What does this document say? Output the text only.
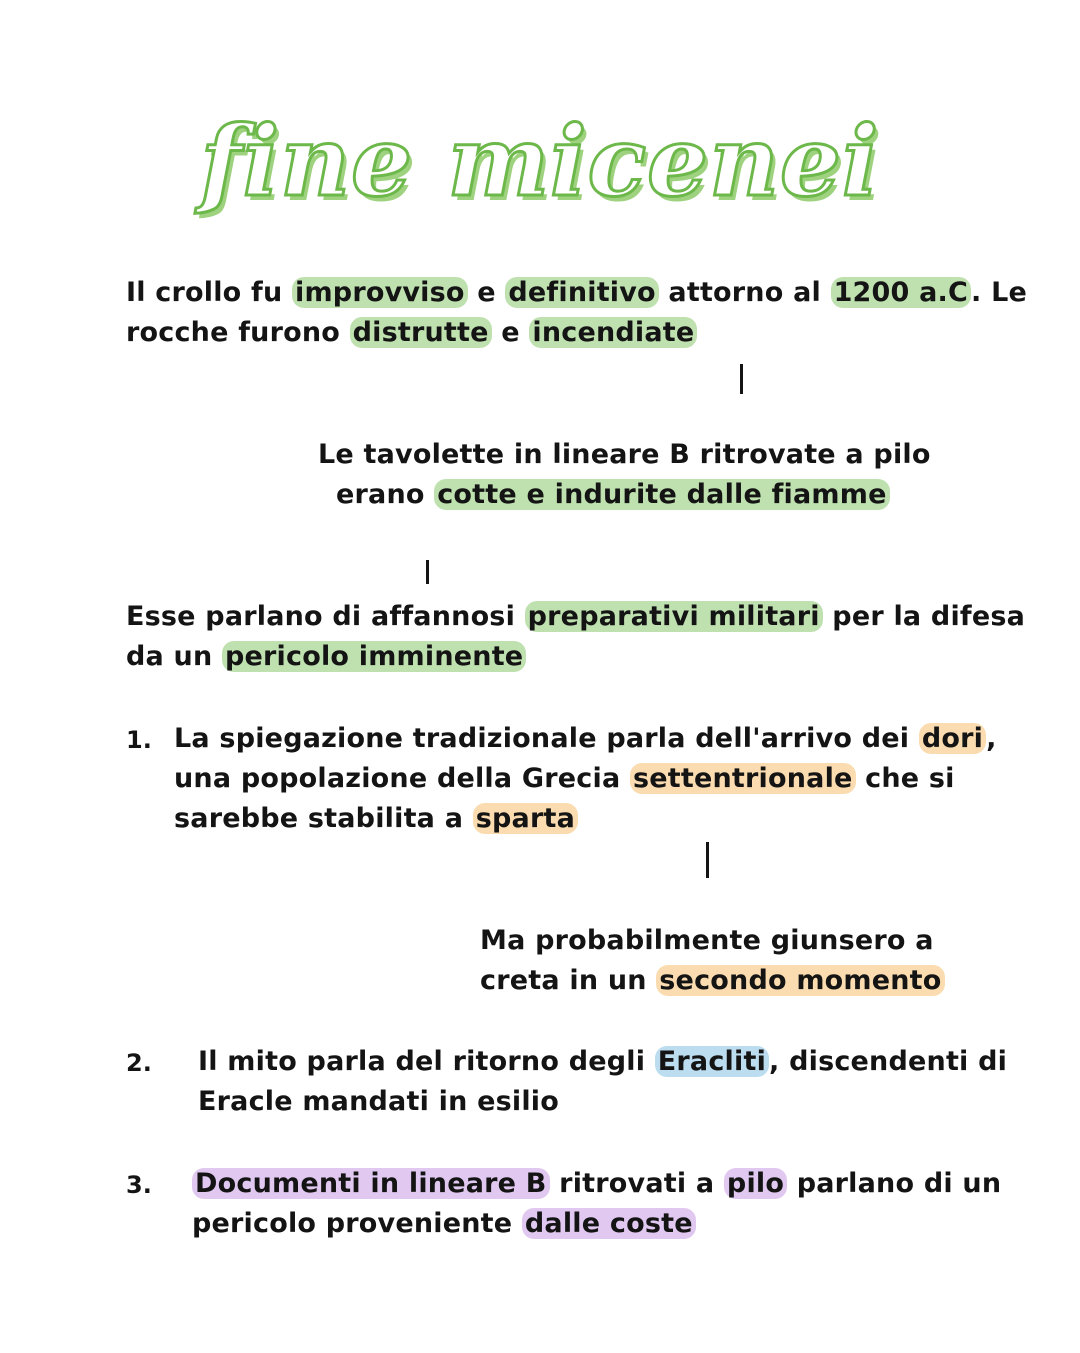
fine micenei

Il crollo fu improvviso e definitivo attorno al 1200 a.C . Le

rocche furono distrutte e incendiate

Le tavolette in lineare B ritrovate a pilo

erano cotte e indurite dalle fiamme

Esse parlano di affannosi preparativi militari per la difesa

da un pericolo imminente

1. La spiegazione tradizionale parla dell'arrivo dei dori ,

una popolazione della Grecia settentrionale che si

sarebbe stabilita a sparta

Ma probabilmente giunsero a

creta in un secondo momento

2. Il mito parla del ritorno degli Eracliti , discendenti di

Eracle mandati in esilio

3. Documenti in lineare B ritrovati a pilo parlano di un

pericolo proveniente dalle coste
